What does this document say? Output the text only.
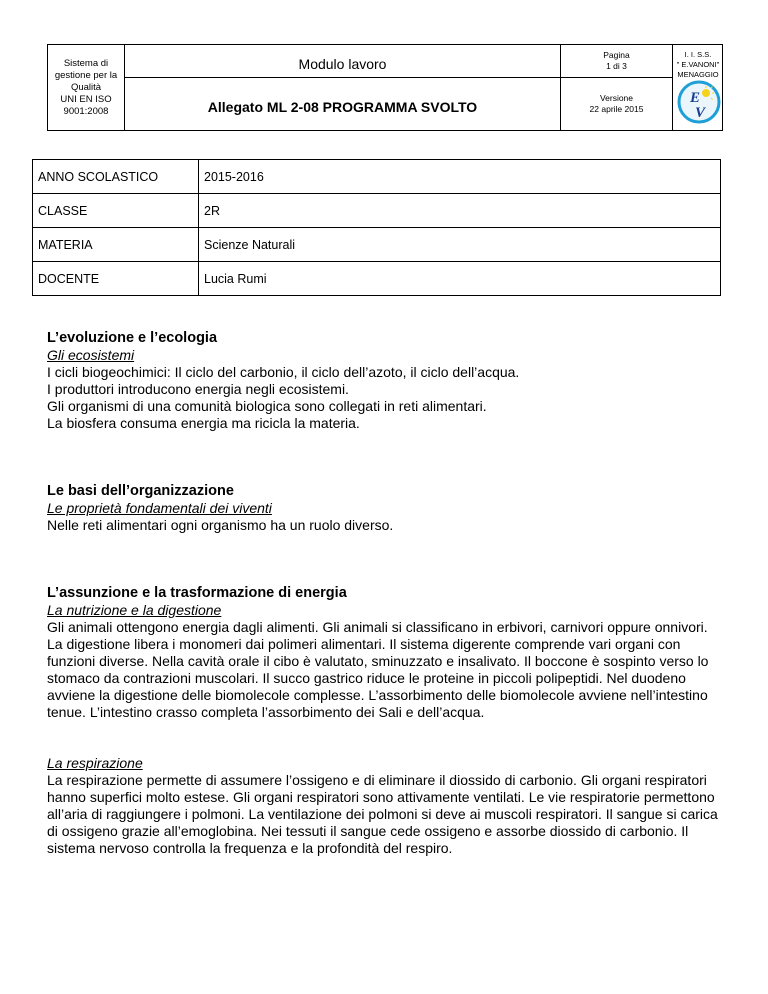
Sistema di
gestione per la
Qualità
UNI EN ISO
9001:2008
Modulo lavoro
Allegato ML 2-08 PROGRAMMA SVOLTO
Pagina
1 di 3
Versione
22 aprile 2015
I. I. S.S.
" E.VANONI"
MENAGGIO
E
V
ANNO SCOLASTICO	2015-2016
CLASSE	2R
MATERIA	Scienze Naturali
DOCENTE	Lucia Rumi
L’evoluzione e l’ecologia
Gli ecosistemi

I cicli biogeochimici: Il ciclo del carbonio, il ciclo dell’azoto, il ciclo dell’acqua.

I produttori introducono energia negli ecosistemi.

Gli organismi di una comunità biologica sono collegati in reti alimentari.

La biosfera consuma energia ma ricicla la materia.

Le basi dell’organizzazione
Le proprietà fondamentali dei viventi

Nelle reti alimentari ogni organismo ha un ruolo diverso.

L’assunzione e la trasformazione di energia
La nutrizione e la digestione

Gli animali ottengono energia dagli alimenti. Gli animali si classificano in erbivori, carnivori oppure onnivori. La digestione libera i monomeri dai polimeri alimentari. Il sistema digerente comprende vari organi con funzioni diverse. Nella cavità orale il cibo è valutato, sminuzzato e insalivato. Il boccone è sospinto verso lo stomaco da contrazioni muscolari. Il succo gastrico riduce le proteine in piccoli polipeptidi. Nel duodeno avviene la digestione delle biomolecole complesse. L’assorbimento delle biomolecole avviene nell’intestino tenue. L’intestino crasso completa l’assorbimento dei Sali e dell’acqua.

La respirazione

La respirazione permette di assumere l’ossigeno e di eliminare il diossido di carbonio. Gli organi respiratori hanno superfici molto estese. Gli organi respiratori sono attivamente ventilati. Le vie respiratorie permettono all’aria di raggiungere i polmoni. La ventilazione dei polmoni si deve ai muscoli respiratori. Il sangue si carica di ossigeno grazie all’emoglobina. Nei tessuti il sangue cede ossigeno e assorbe diossido di carbonio. Il sistema nervoso controlla la frequenza e la profondità del respiro.
